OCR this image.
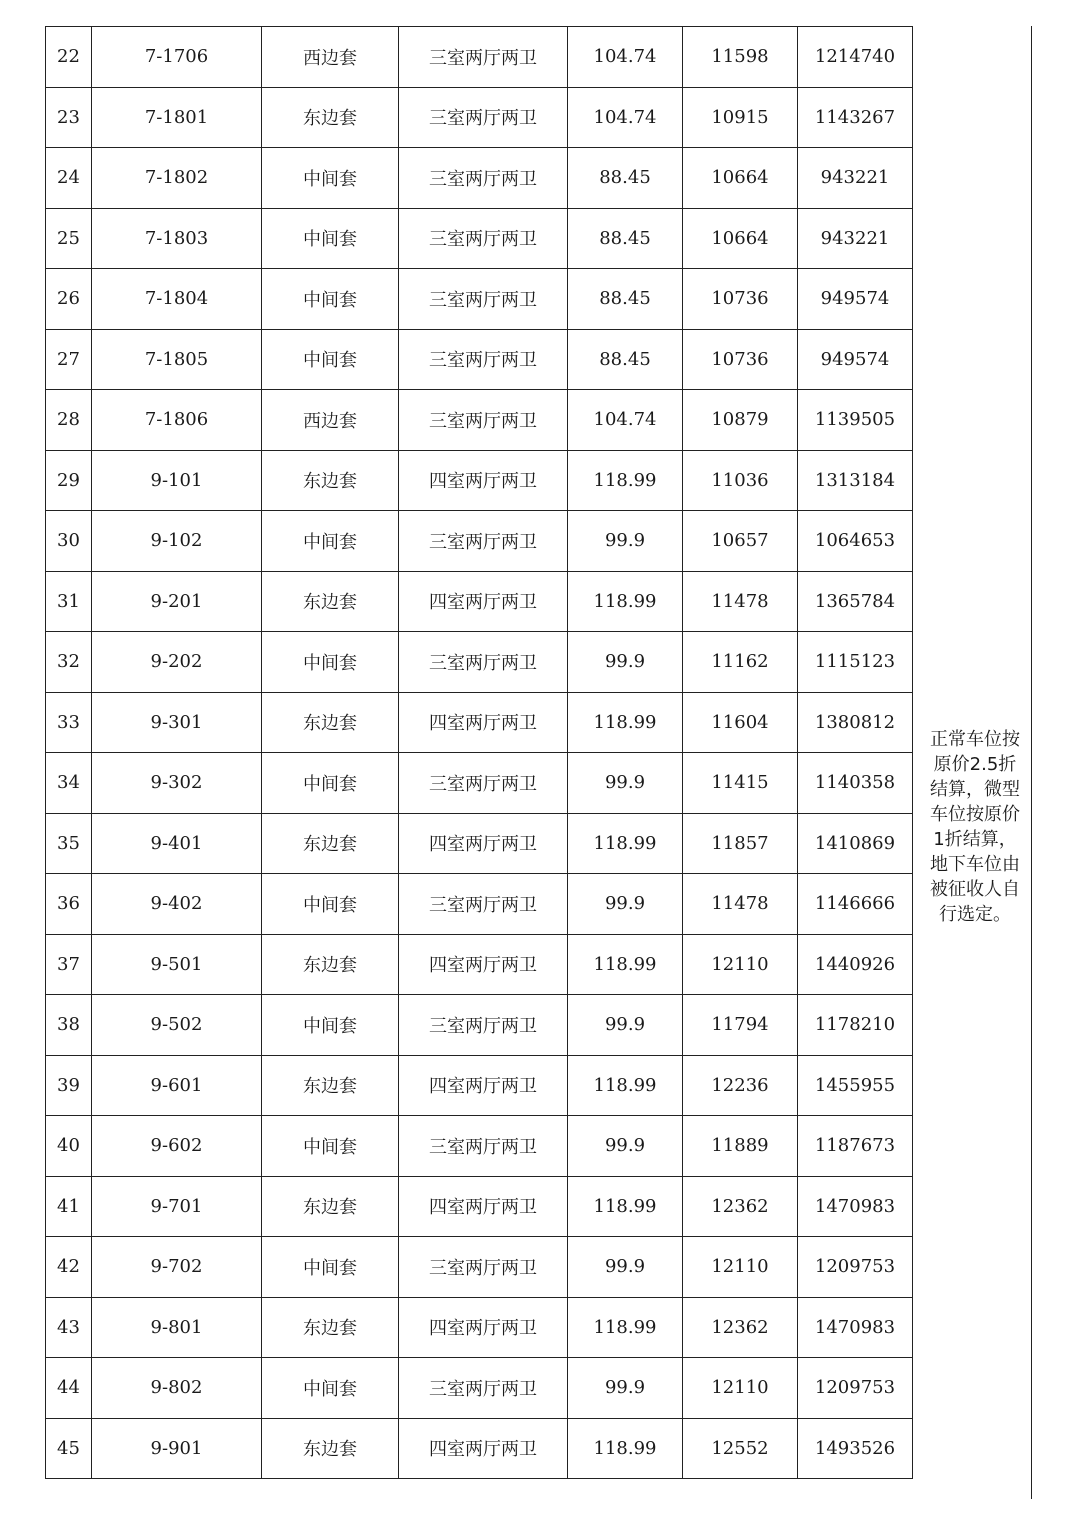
22	7-1706	西边套	三室两厅两卫	104.74	11598	1214740
23	7-1801	东边套	三室两厅两卫	104.74	10915	1143267
24	7-1802	中间套	三室两厅两卫	88.45	10664	943221
25	7-1803	中间套	三室两厅两卫	88.45	10664	943221
26	7-1804	中间套	三室两厅两卫	88.45	10736	949574
27	7-1805	中间套	三室两厅两卫	88.45	10736	949574
28	7-1806	西边套	三室两厅两卫	104.74	10879	1139505
29	9-101	东边套	四室两厅两卫	118.99	11036	1313184
30	9-102	中间套	三室两厅两卫	99.9	10657	1064653
31	9-201	东边套	四室两厅两卫	118.99	11478	1365784
32	9-202	中间套	三室两厅两卫	99.9	11162	1115123
33	9-301	东边套	四室两厅两卫	118.99	11604	1380812
34	9-302	中间套	三室两厅两卫	99.9	11415	1140358
35	9-401	东边套	四室两厅两卫	118.99	11857	1410869
36	9-402	中间套	三室两厅两卫	99.9	11478	1146666
37	9-501	东边套	四室两厅两卫	118.99	12110	1440926
38	9-502	中间套	三室两厅两卫	99.9	11794	1178210
39	9-601	东边套	四室两厅两卫	118.99	12236	1455955
40	9-602	中间套	三室两厅两卫	99.9	11889	1187673
41	9-701	东边套	四室两厅两卫	118.99	12362	1470983
42	9-702	中间套	三室两厅两卫	99.9	12110	1209753
43	9-801	东边套	四室两厅两卫	118.99	12362	1470983
44	9-802	中间套	三室两厅两卫	99.9	12110	1209753
45	9-901	东边套	四室两厅两卫	118.99	12552	1493526
正常车位按
原价2.5折
结算，微型
车位按原价
1折结算，
地下车位由
被征收人自
行选定。
